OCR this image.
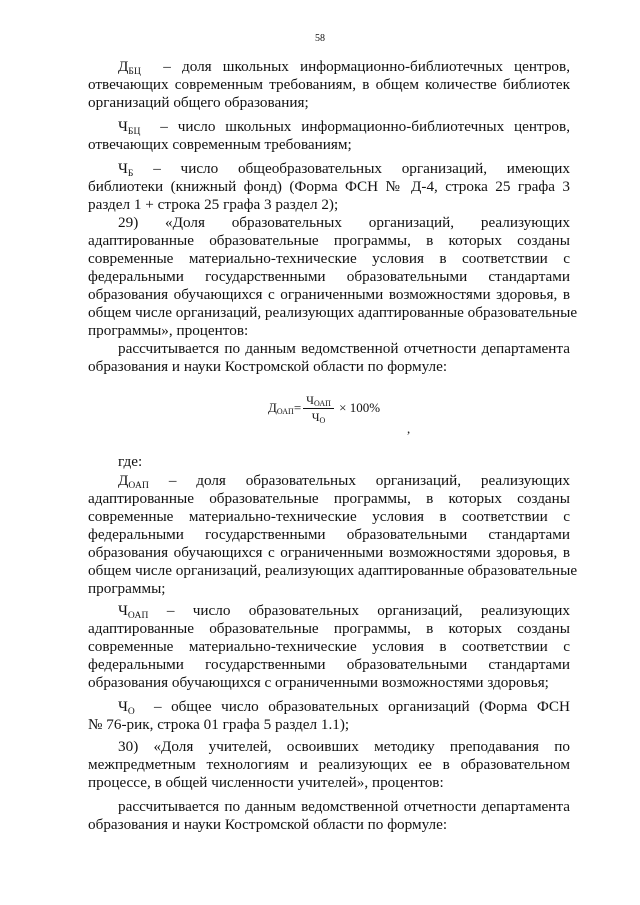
58
$Д_{БЦ}$  – доля школьных информационно-библиотечных центров,
отвечающих современным требованиям, в общем количестве библиотек
организаций общего образования;
$Ч_{БЦ}$  – число школьных информационно-библиотечных центров,
отвечающих современным требованиям;
$Ч_Б$   –   число   общеобразовательных   организаций,   имеющих
библиотеки (книжный фонд) (Форма ФСН № Д-4, строка 25 графа 3
раздел 1 + строка 25 графа 3 раздел 2);
29)   «Доля   образовательных   организаций,   реализующих
адаптированные образовательные программы, в которых созданы
современные материально-технические условия в соответствии с
федеральными государственными образовательными стандартами
образования обучающихся с ограниченными возможностями здоровья, в
общем числе организаций, реализующих адаптированные образовательные
программы», процентов:
рассчитывается по данным ведомственной отчетности департамента
образования и науки Костромской области по формуле:
где:
$Д_{ОАП}$   –   доля   образовательных   организаций,   реализующих
адаптированные образовательные программы, в которых созданы
современные материально-технические условия в соответствии с
федеральными государственными образовательными стандартами
образования обучающихся с ограниченными возможностями здоровья, в
общем числе организаций, реализующих адаптированные образовательные
программы;
$Ч_{ОАП}$   –   число   образовательных   организаций,   реализующих
адаптированные образовательные программы, в которых созданы
современные материально-технические условия в соответствии с
федеральными государственными образовательными стандартами
образования обучающихся с ограниченными возможностями здоровья;
$Ч_О$  – общее число образовательных организаций (Форма ФСН
№ 76-рик, строка 01 графа 5 раздел 1.1);
30) «Доля учителей, освоивших методику преподавания по
межпредметным технологиям и реализующих ее в образовательном
процессе, в общей численности учителей», процентов:
рассчитывается по данным ведомственной отчетности департамента
образования и науки Костромской области по формуле:
ДОАП= $\frac{\text{ЧОАП}}{ЧО} \times 100\%$
,
